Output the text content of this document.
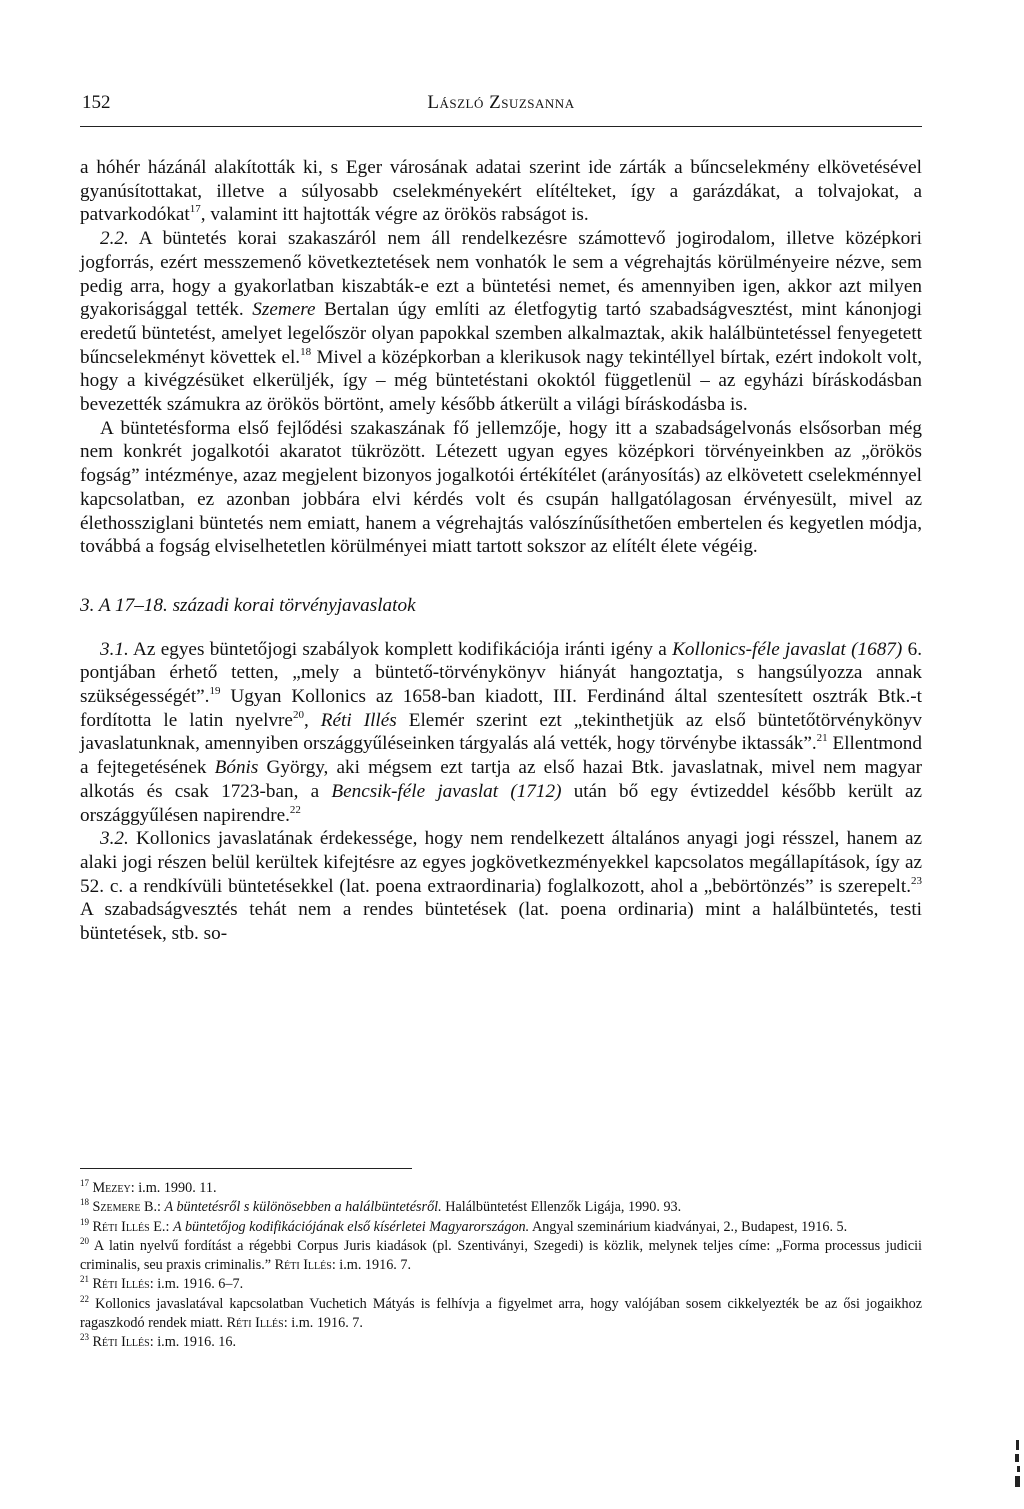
152	László Zsuzsanna

a hóhér házánál alakították ki, s Eger városának adatai szerint ide zárták a bűncselekmény elkövetésével gyanúsítottakat, illetve a súlyosabb cselekményekért elítélteket, így a garázdákat, a tolvajokat, a patvarkodókat$^{17}$, valamint itt hajtották végre az örökös rabságot is.

2.2. A büntetés korai szakaszáról nem áll rendelkezésre számottevő jogirodalom, illetve középkori jogforrás, ezért messzemenő következtetések nem vonhatók le sem a végrehajtás körülményeire nézve, sem pedig arra, hogy a gyakorlatban kiszabták-e ezt a büntetési nemet, és amennyiben igen, akkor azt milyen gyakorisággal tették. Szemere Bertalan úgy említi az életfogytig tartó szabadságvesztést, mint kánonjogi eredetű büntetést, amelyet legelőször olyan papokkal szemben alkalmaztak, akik halálbüntetéssel fenyegetett bűncselekményt követtek el.$^{18}$ Mivel a középkorban a klerikusok nagy tekintéllyel bírtak, ezért indokolt volt, hogy a kivégzésüket elkerüljék, így – még büntetéstani okoktól függetlenül – az egyházi bíráskodásban bevezették számukra az örökös börtönt, amely később átkerült a világi bíráskodásba is.

A büntetésforma első fejlődési szakaszának fő jellemzője, hogy itt a szabadságelvonás elsősorban még nem konkrét jogalkotói akaratot tükrözött. Létezett ugyan egyes középkori törvényeinkben az „örökös fogság” intézménye, azaz megjelent bizonyos jogalkotói értékítélet (arányosítás) az elkövetett cselekménnyel kapcsolatban, ez azonban jobbára elvi kérdés volt és csupán hallgatólagosan érvényesült, mivel az élethossziglani büntetés nem emiatt, hanem a végrehajtás valószínűsíthetően embertelen és kegyetlen módja, továbbá a fogság elviselhetetlen körülményei miatt tartott sokszor az elítélt élete végéig.

3. A 17–18. századi korai törvényjavaslatok

3.1. Az egyes büntetőjogi szabályok komplett kodifikációja iránti igény a Kollonics-féle javaslat (1687) 6. pontjában érhető tetten, „mely a büntető-törvénykönyv hiányát hangoztatja, s hangsúlyozza annak szükségességét”.$^{19}$ Ugyan Kollonics az 1658-ban kiadott, III. Ferdinánd által szentesített osztrák Btk.-t fordította le latin nyelvre$^{20}$, Réti Illés Elemér szerint ezt „tekinthetjük az első büntetőtörvénykönyv javaslatunknak, amennyiben országgyűléseinken tárgyalás alá vették, hogy törvénybe iktassák”.$^{21}$ Ellentmond a fejtegetésének Bónis György, aki mégsem ezt tartja az első hazai Btk. javaslatnak, mivel nem magyar alkotás és csak 1723-ban, a Bencsik-féle javaslat (1712) után bő egy évtizeddel később került az országgyűlésen napirendre.$^{22}$

3.2. Kollonics javaslatának érdekessége, hogy nem rendelkezett általános anyagi jogi résszel, hanem az alaki jogi részen belül kerültek kifejtésre az egyes jogkövetkezményekkel kapcsolatos megállapítások, így az 52. c. a rendkívüli büntetésekkel (lat. poena extraordinaria) foglalkozott, ahol a „bebörtönzés” is szerepelt.$^{23}$ A szabadságvesztés tehát nem a rendes büntetések (lat. poena ordinaria) mint a halálbüntetés, testi büntetések, stb. so-

$^{17}$ Mezey: i.m. 1990. 11.

$^{18}$ Szemere B.: A büntetésről s különösebben a halálbüntetésről. Halálbüntetést Ellenzők Ligája, 1990. 93.

$^{19}$ Réti Illés E.: A büntetőjog kodifikációjának első kísérletei Magyarországon. Angyal szeminárium kiadványai, 2., Budapest, 1916. 5.

$^{20}$ A latin nyelvű fordítást a régebbi Corpus Juris kiadások (pl. Szentiványi, Szegedi) is közlik, melynek teljes címe: „Forma processus judicii criminalis, seu praxis criminalis.” Réti Illés: i.m. 1916. 7.

$^{21}$ Réti Illés: i.m. 1916. 6–7.

$^{22}$ Kollonics javaslatával kapcsolatban Vuchetich Mátyás is felhívja a figyelmet arra, hogy valójában sosem cikkelyezték be az ősi jogaikhoz ragaszkodó rendek miatt. Réti Illés: i.m. 1916. 7.

$^{23}$ Réti Illés: i.m. 1916. 16.
